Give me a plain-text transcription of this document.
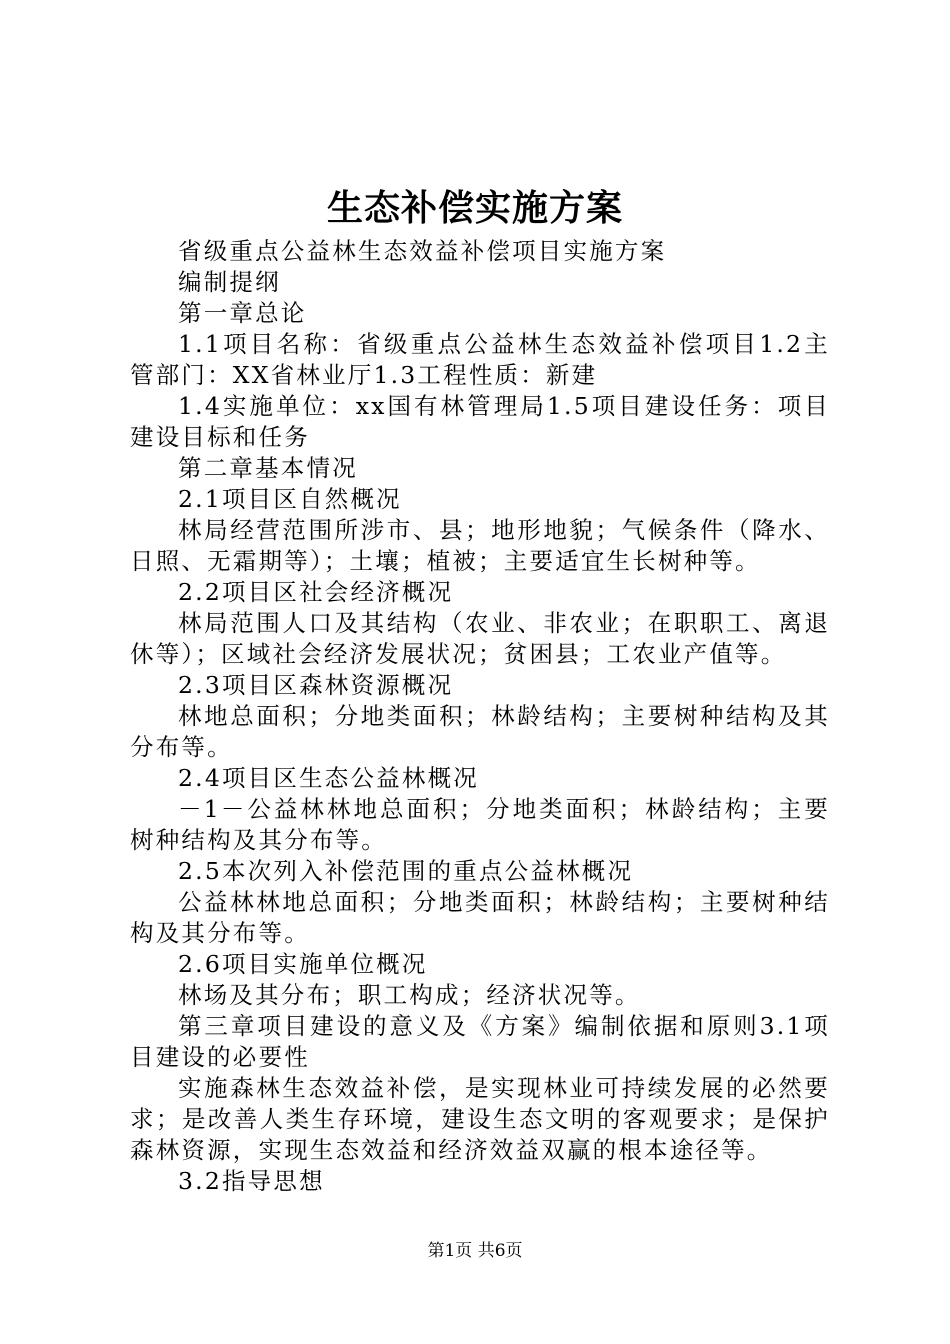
生态补偿实施方案

省级重点公益林生态效益补偿项目实施方案

编制提纲

第一章总论

1.1项目名称：省级重点公益林生态效益补偿项目1.2主管部门：XX省林业厅1.3工程性质：新建

1.4实施单位：xx国有林管理局1.5项目建设任务：项目建设目标和任务

第二章基本情况

2.1项目区自然概况

林局经营范围所涉市、县；地形地貌；气候条件（降水、日照、无霜期等）；土壤；植被；主要适宜生长树种等。

2.2项目区社会经济概况

林局范围人口及其结构（农业、非农业；在职职工、离退休等）；区域社会经济发展状况；贫困县；工农业产值等。

2.3项目区森林资源概况

林地总面积；分地类面积；林龄结构；主要树种结构及其分布等。

2.4项目区生态公益林概况

－1－公益林林地总面积；分地类面积；林龄结构；主要树种结构及其分布等。

2.5本次列入补偿范围的重点公益林概况

公益林林地总面积；分地类面积；林龄结构；主要树种结构及其分布等。

2.6项目实施单位概况

林场及其分布；职工构成；经济状况等。

第三章项目建设的意义及《方案》编制依据和原则3.1项目建设的必要性

实施森林生态效益补偿，是实现林业可持续发展的必然要求；是改善人类生存环境，建设生态文明的客观要求；是保护森林资源，实现生态效益和经济效益双赢的根本途径等。

3.2指导思想

第1页 共6页
